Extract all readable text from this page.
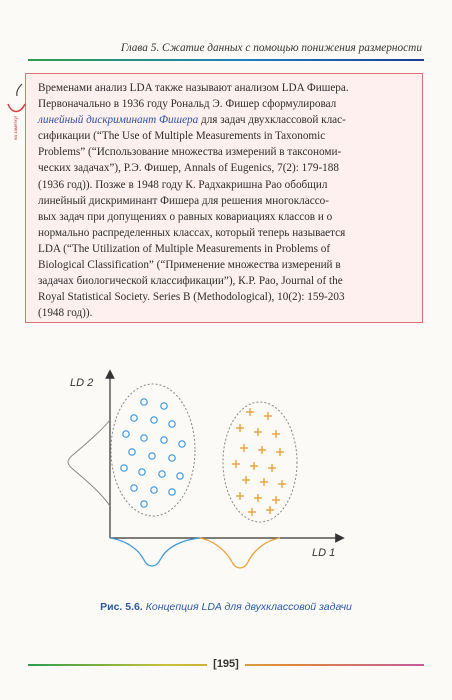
Глава 5. Сжатие данных с помощью понижения размерности
на заметку!
Временами анализ LDA также называют анализом LDA Фишера.
Первоначально в 1936 году Рональд Э. Фишер сформулировал
линейный дискриминант Фишера для задач двухклассовой клас-
сификации (“The Use of Multiple Measurements in Taxonomic
Problems” (“Использование множества измерений в таксономи-
ческих задачах”), Р.Э. Фишер, Annals of Eugenics, 7(2): 179-188
(1936 год)). Позже в 1948 году К. Радхакришна Рао обобщил
линейный дискриминант Фишера для решения многоклассо-
вых задач при допущениях о равных ковариациях классов и о
нормально распределенных классах, который теперь называется
LDA (“The Utilization of Multiple Measurements in Problems of
Biological Classification” (“Применение множества измерений в
задачах биологической классификации”), К.Р. Рао, Journal of the
Royal Statistical Society. Series B (Methodological), 10(2): 159-203
(1948 год)).
LD 2
LD 1
Рис. 5.6. Концепция LDA для двухклассовой задачи
[195]
